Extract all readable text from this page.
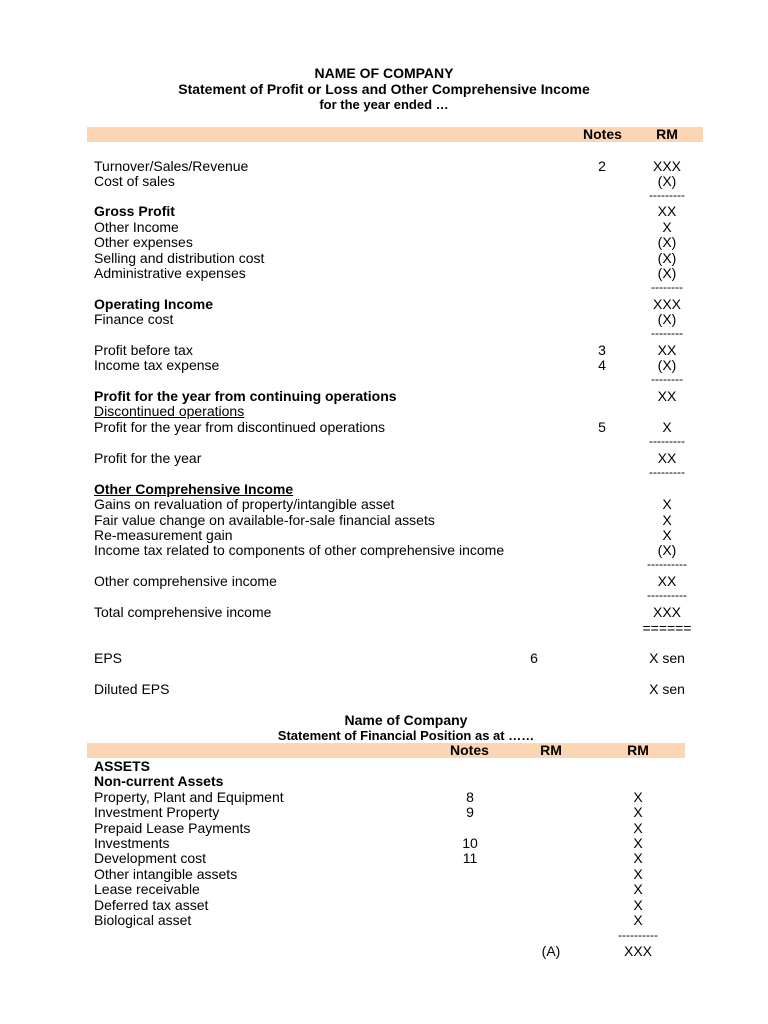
NAME OF COMPANY
Statement of Profit or Loss and Other Comprehensive Income
for the year ended …
Notes	RM
Turnover/Sales/Revenue	2	XXX
Cost of sales	(X)
---------
Gross Profit	XX
Other Income	X
Other expenses	(X)
Selling and distribution cost	(X)
Administrative expenses	(X)
--------
Operating Income	XXX
Finance cost	(X)
--------
Profit before tax	3	XX
Income tax expense	4	(X)
--------
Profit for the year from continuing operations	XX
Discontinued operations
Profit for the year from discontinued operations	5	X
---------
Profit for the year	XX
---------
Other Comprehensive Income
Gains on revaluation of property/intangible asset	X
Fair value change on available-for-sale financial assets	X
Re-measurement gain	X
Income tax related to components of other comprehensive income	(X)
----------
Other comprehensive income	XX
----------
Total comprehensive income	XXX
======
EPS	6	X sen
Diluted EPS	X sen
Name of Company
Statement of Financial Position as at ……
Notes	RM	RM
ASSETS
Non-current Assets
Property, Plant and Equipment	8	X
Investment Property	9	X
Prepaid Lease Payments	X
Investments	10	X
Development cost	11	X
Other intangible assets	X
Lease receivable	X
Deferred tax asset	X
Biological asset	X
----------
(A)	XXX
